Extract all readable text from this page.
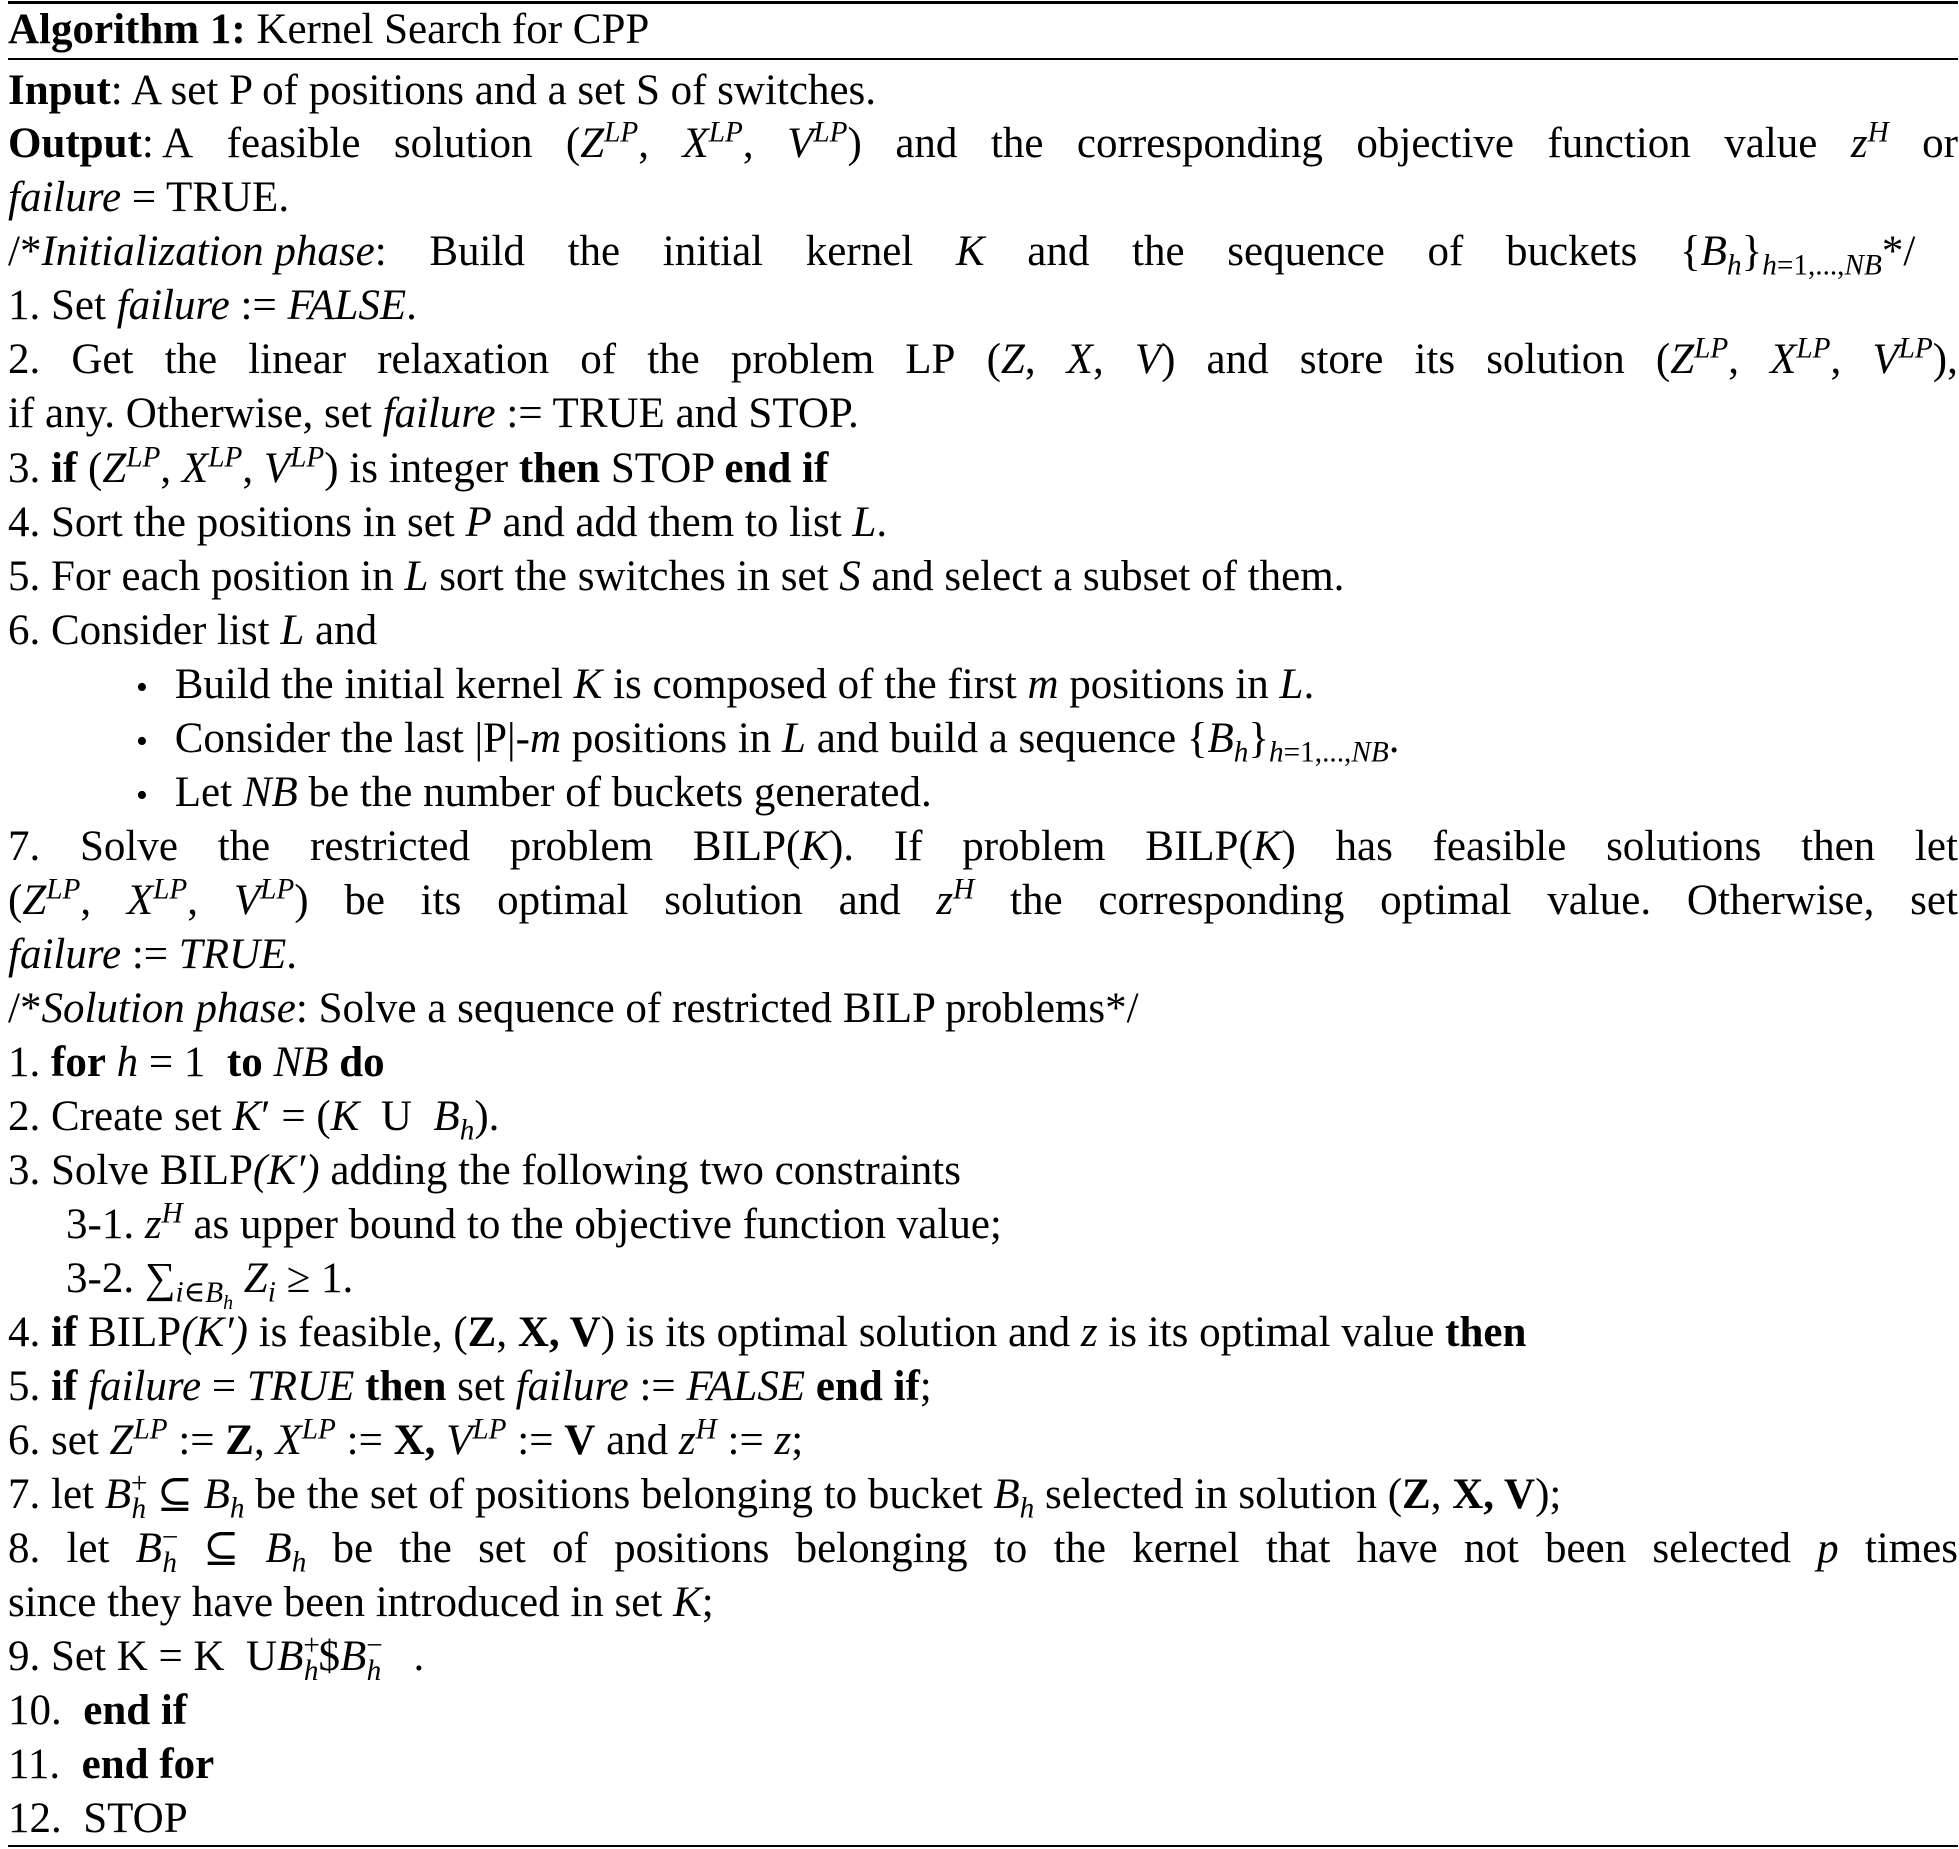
Algorithm 1: Kernel Search for CPP
Input: A set P of positions and a set S of switches.
Output: A feasible solution ($Z^{LP}$, $X^{LP}$, $V^{LP}$) and the corresponding objective function value $z^H$ or
failure = TRUE.
/*Initialization phase: Build the initial kernel K and the sequence of buckets $\{B_h\}_{h=1,...,NB}*/$
1. Set failure := FALSE.
2. Get the linear relaxation of the problem LP (Z, X, V) and store its solution ($Z^{LP}$, $X^{LP}$, $V^{LP}$),
if any. Otherwise, set failure := TRUE and STOP.
3. if ($Z^{LP}$, $X^{LP}$, $V^{LP}$) is integer then STOP end if
4. Sort the positions in set P and add them to list L.
5. For each position in L sort the switches in set S and select a subset of them.
6. Consider list L and
• Build the initial kernel K is composed of the first m positions in L.
• Consider the last |P|-m positions in L and build a sequence $\{B_h\}_{h=1,...,NB}$.
• Let NB be the number of buckets generated.
7. Solve the restricted problem BILP(K). If problem BILP(K) has feasible solutions then let
($Z^{LP}$, $X^{LP}$, $V^{LP}$) be its optimal solution and $z^H$ the corresponding optimal value. Otherwise, set
failure := TRUE.
/*Solution phase: Solve a sequence of restricted BILP problems*/
1. for h = 1  to NB do
2. Create set K′ = (K  U  $B_h$).
3. Solve BILP(K′) adding the following two constraints
3-1. $z^H$ as upper bound to the objective function value;
3-2. $\sum_{i\in B_h}$ $Z_i \ge 1$.
4. if BILP(K′) is feasible, (Z, X, V) is its optimal solution and z is its optimal value then
5. if failure = TRUE then set failure := FALSE end if;
6. set $Z^{LP}$ := Z, $X^{LP}$ := X, $V^{LP}$ := V and $z^H$ := z;
7. let $B^+_h$ ⊆ $B_h$ be the set of positions belonging to bucket $B_h$ selected in solution (Z, X, V);
8. let $B^-_h$ ⊆ $B_h$ be the set of positions belonging to the kernel that have not been selected p times
since they have been introduced in set K;
9. Set K = K  $UB^+_h\$B^-_h$   .
10.  end if
11.  end for
12.  STOP
